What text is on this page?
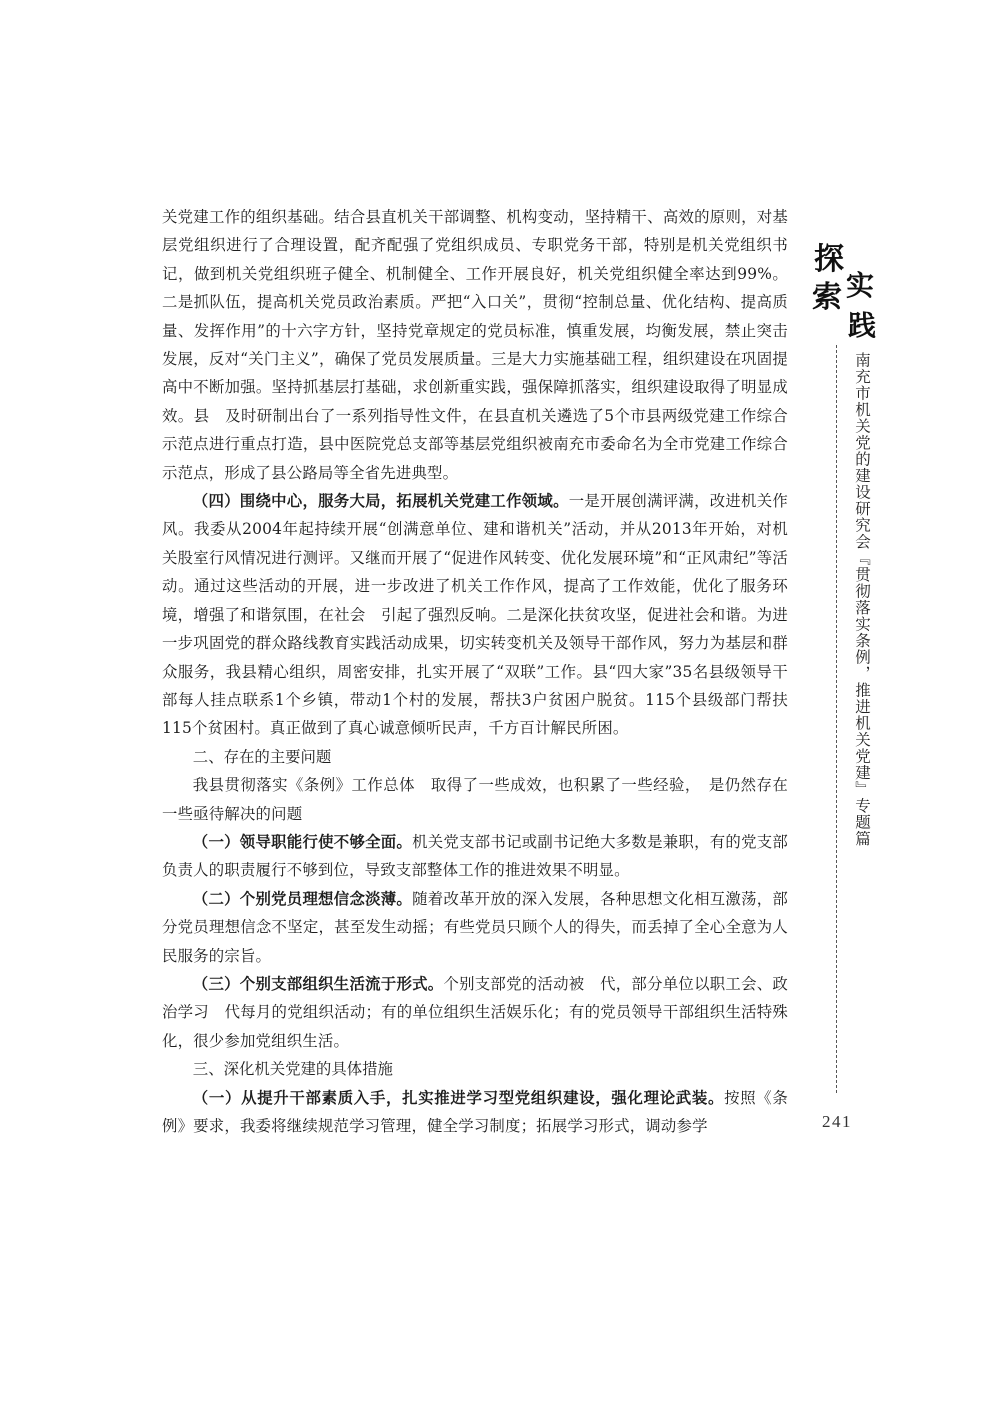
探
索 实
践
南充市机关党的建设研究会『贯彻落实条例，推进机关党建』专题篇
241

关党建工作的组织基础。结合县直机关干部调整、机构变动，坚持精干、高效的原则，对基层党组织进行了合理设置，配齐配强了党组织成员、专职党务干部，特别是机关党组织书记，做到机关党组织班子健全、机制健全、工作开展良好，机关党组织健全率达到99%。二是抓队伍，提高机关党员政治素质。严把“入口关”，贯彻“控制总量、优化结构、提高质量、发挥作用”的十六字方针，坚持党章规定的党员标准，慎重发展，均衡发展，禁止突击发展，反对“关门主义”，确保了党员发展质量。三是大力实施基础工程，组织建设在巩固提高中不断加强。坚持抓基层打基础，求创新重实践，强保障抓落实，组织建设取得了明显成效。县　及时研制出台了一系列指导性文件，在县直机关遴选了5个市县两级党建工作综合示范点进行重点打造，县中医院党总支部等基层党组织被南充市委命名为全市党建工作综合示范点，形成了县公路局等全省先进典型。

（四）围绕中心，服务大局，拓展机关党建工作领域。一是开展创满评满，改进机关作风。我委从2004年起持续开展“创满意单位、建和谐机关”活动，并从2013年开始，对机关股室行风情况进行测评。又继而开展了“促进作风转变、优化发展环境”和“正风肃纪”等活动。通过这些活动的开展，进一步改进了机关工作作风，提高了工作效能，优化了服务环境，增强了和谐氛围，在社会　引起了强烈反响。二是深化扶贫攻坚，促进社会和谐。为进一步巩固党的群众路线教育实践活动成果，切实转变机关及领导干部作风，努力为基层和群众服务，我县精心组织，周密安排，扎实开展了“双联”工作。县“四大家”35名县级领导干部每人挂点联系1个乡镇，带动1个村的发展，帮扶3户贫困户脱贫。115个县级部门帮扶115个贫困村。真正做到了真心诚意倾听民声，千方百计解民所困。

二、存在的主要问题

我县贯彻落实《条例》工作总体　取得了一些成效，也积累了一些经验，　是仍然存在一些亟待解决的问题

（一）领导职能行使不够全面。机关党支部书记或副书记绝大多数是兼职，有的党支部负责人的职责履行不够到位，导致支部整体工作的推进效果不明显。

（二）个别党员理想信念淡薄。随着改革开放的深入发展，各种思想文化相互激荡，部分党员理想信念不坚定，甚至发生动摇；有些党员只顾个人的得失，而丢掉了全心全意为人民服务的宗旨。

（三）个别支部组织生活流于形式。个别支部党的活动被　代，部分单位以职工会、政治学习　代每月的党组织活动；有的单位组织生活娱乐化；有的党员领导干部组织生活特殊化，很少参加党组织生活。

三、深化机关党建的具体措施

（一）从提升干部素质入手，扎实推进学习型党组织建设，强化理论武装。按照《条例》要求，我委将继续规范学习管理，健全学习制度；拓展学习形式，调动参学
